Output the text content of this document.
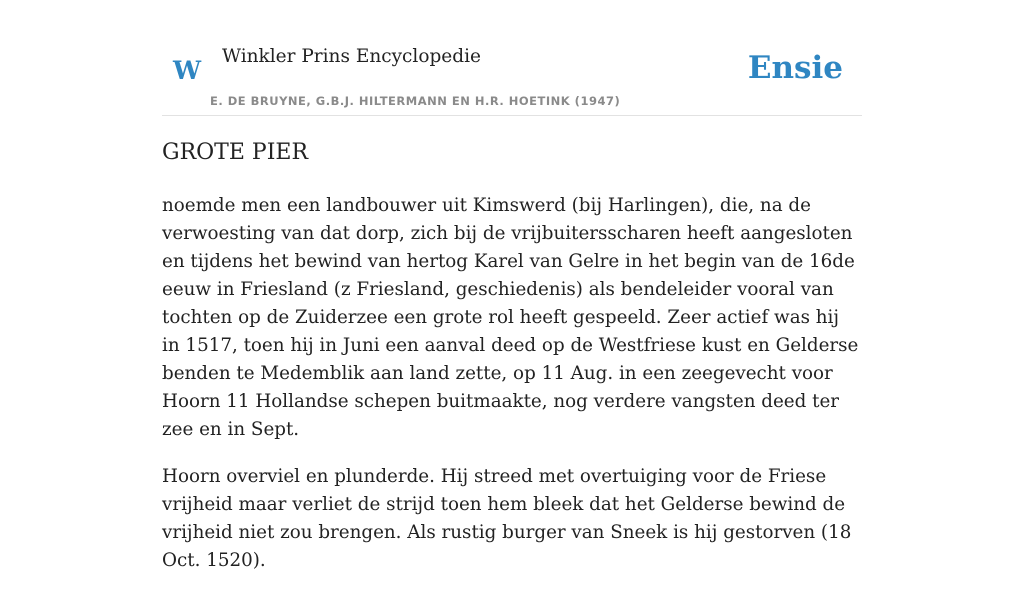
W Winkler Prins Encyclopedie
E. DE BRUYNE, G.B.J. HILTERMANN EN H.R. HOETINK (1947)
Ensie
GROTE PIER

noemde men een landbouwer uit Kimswerd (bij Harlingen), die, na de verwoesting van dat dorp, zich bij de vrijbuitersscharen heeft aangesloten en tijdens het bewind van hertog Karel van Gelre in het begin van de 16de eeuw in Friesland (z Friesland, geschiedenis) als bendeleider vooral van tochten op de Zuiderzee een grote rol heeft gespeeld. Zeer actief was hij in 1517, toen hij in Juni een aanval deed op de Westfriese kust en Gelderse benden te Medemblik aan land zette, op 11 Aug. in een zeegevecht voor Hoorn 11 Hollandse schepen buitmaakte, nog verdere vangsten deed ter zee en in Sept.

Hoorn overviel en plunderde. Hij streed met overtuiging voor de Friese vrijheid maar verliet de strijd toen hem bleek dat het Gelderse bewind de vrijheid niet zou brengen. Als rustig burger van Sneek is hij gestorven (18 Oct. 1520).
